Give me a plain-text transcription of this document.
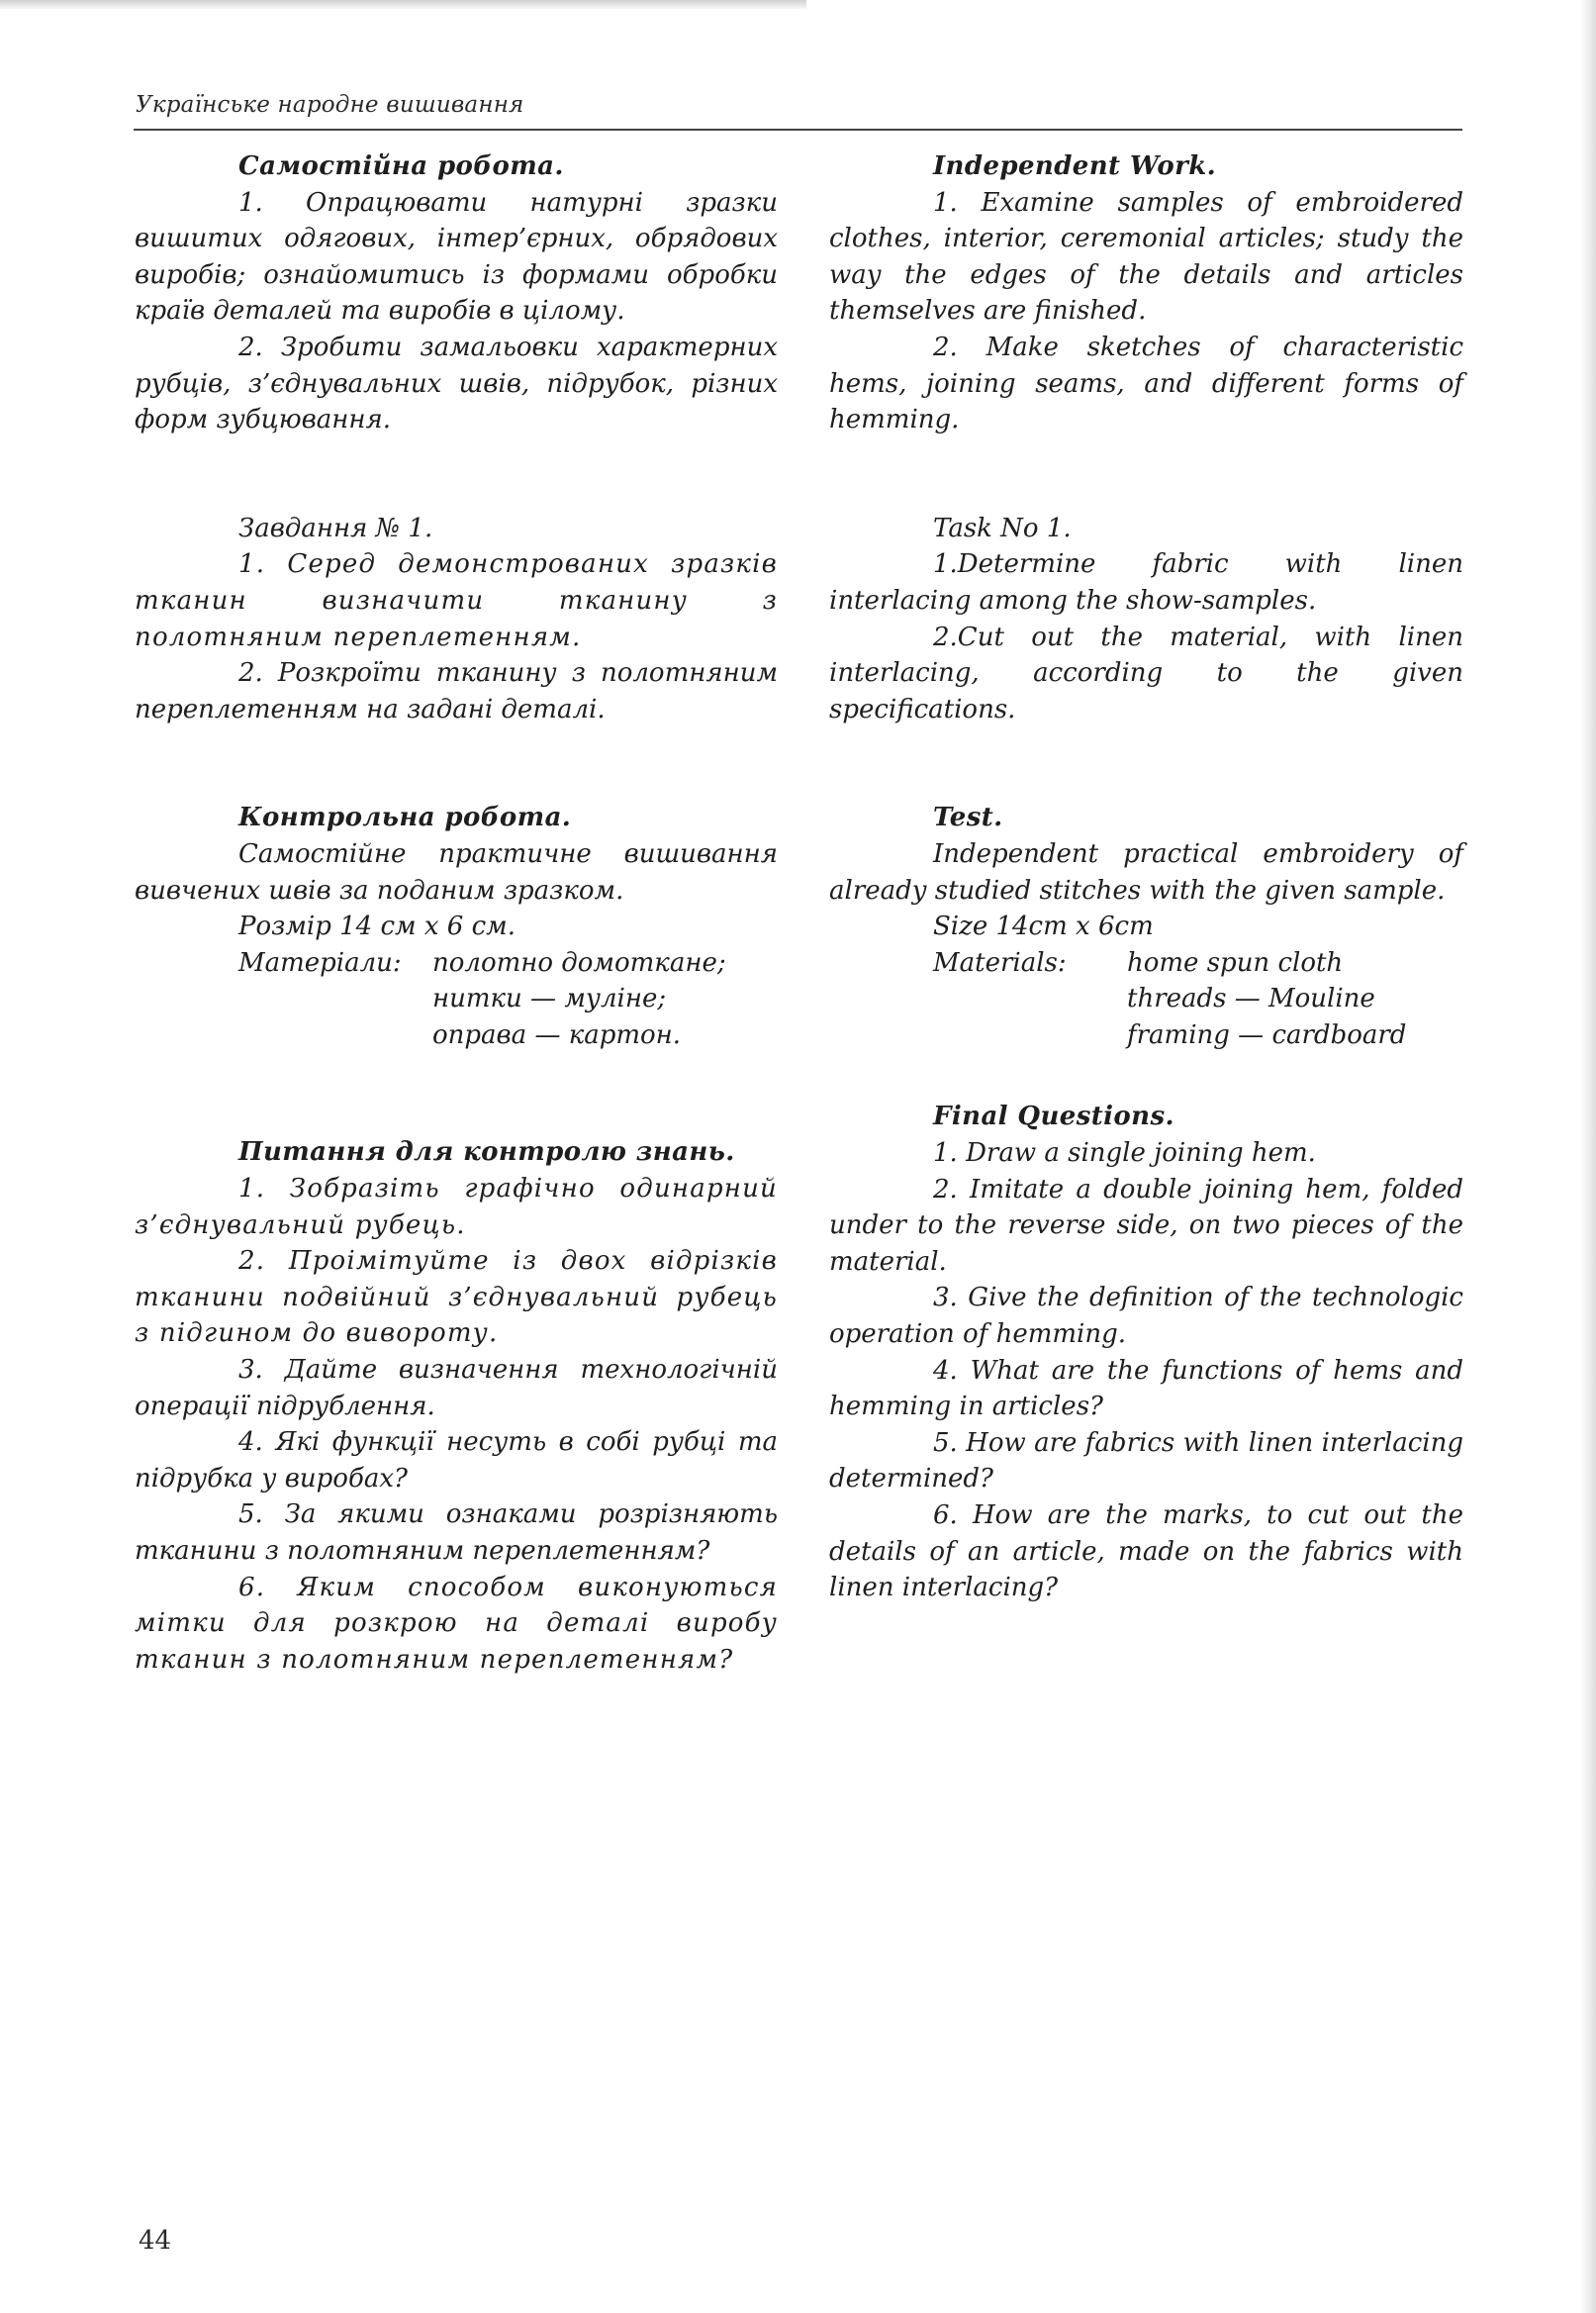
Українське народне вишивання

Самостійна робота.

1. Опрацювати натурні зразки вишитих одягових, інтер’єрних, обрядових виробів; ознайомитись із формами обробки країв деталей та виробів в цілому.

2. Зробити замальовки характерних рубців, з’єднувальних швів, підрубок, різних форм зубцювання.

Завдання № 1.

1. Серед демонстрованих зразків тканин визначити тканину з полотняним переплетенням.

2. Розкроїти тканину з полотняним переплетенням на задані деталі.

Контрольна робота.

Самостійне практичне вишивання вивчених швів за поданим зразком.

Розмір 14 см х 6 см.

Матеріали:	полотно домоткане;
нитки — муліне;
оправа — картон.

Питання для контролю знань.

1. Зобразіть графічно одинарний з’єднувальний рубець.

2. Проімітуйте із двох відрізків тканини подвійний з’єднувальний рубець з підгином до вивороту.

3. Дайте визначення технологічній операції підрублення.

4. Які функції несуть в собі рубці та підрубка у виробах?

5. За якими ознаками розрізняють тканини з полотняним переплетенням?

6. Яким способом виконуються мітки для розкрою на деталі виробу тканин з полотняним переплетенням?

Independent Work.

1. Examine samples of embroidered clothes, interior, ceremonial articles; study the way the edges of the details and articles themselves are finished.

2. Make sketches of characteristic hems, joining seams, and different forms of hemming.

Task No 1.

1.Determine fabric with linen interlacing among the show-samples.

2.Cut out the material, with linen interlacing, according to the given specifications.

Test.

Independent practical embroidery of already studied stitches with the given sample.

Size 14cm x 6cm

Materials:	home spun cloth
threads — Mouline
framing — cardboard

Final Questions.

1. Draw a single joining hem.

2. Imitate a double joining hem, folded under to the reverse side, on two pieces of the material.

3. Give the definition of the technologic operation of hemming.

4. What are the functions of hems and hemming in articles?

5. How are fabrics with linen interlacing determined?

6. How are the marks, to cut out the details of an article, made on the fabrics with linen interlacing?

44
